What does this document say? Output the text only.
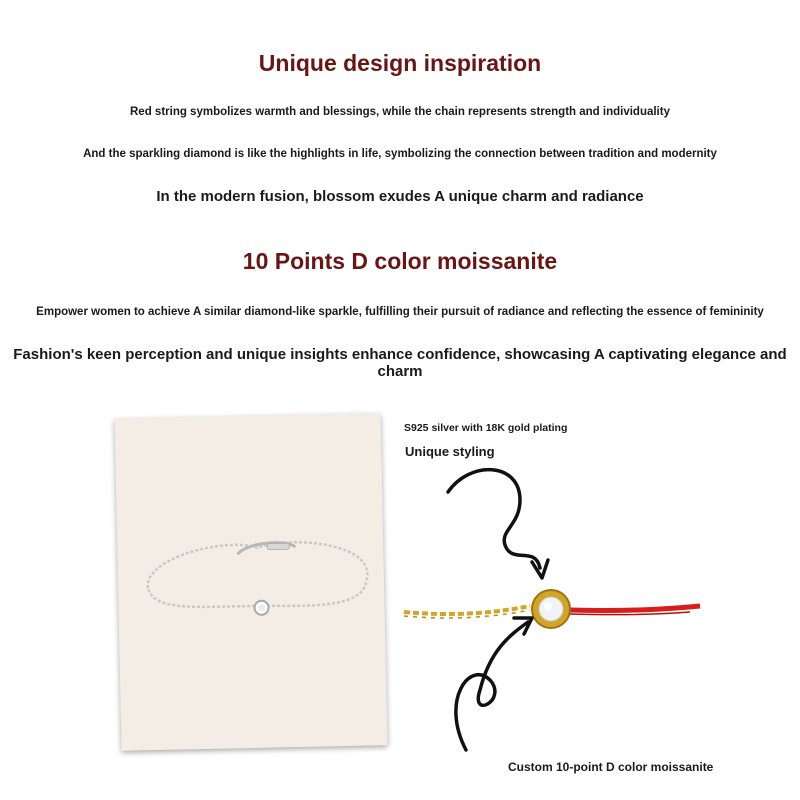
Unique design inspiration
Red string symbolizes warmth and blessings, while the chain represents strength and individuality
And the sparkling diamond is like the highlights in life, symbolizing the connection between tradition and modernity
In the modern fusion, blossom exudes A unique charm and radiance
10 Points D color moissanite
Empower women to achieve A similar diamond-like sparkle, fulfilling their pursuit of radiance and reflecting the essence of femininity
Fashion's keen perception and unique insights enhance confidence, showcasing A captivating elegance and charm
S925 silver with 18K gold plating
Unique styling
Custom 10-point D color moissanite
